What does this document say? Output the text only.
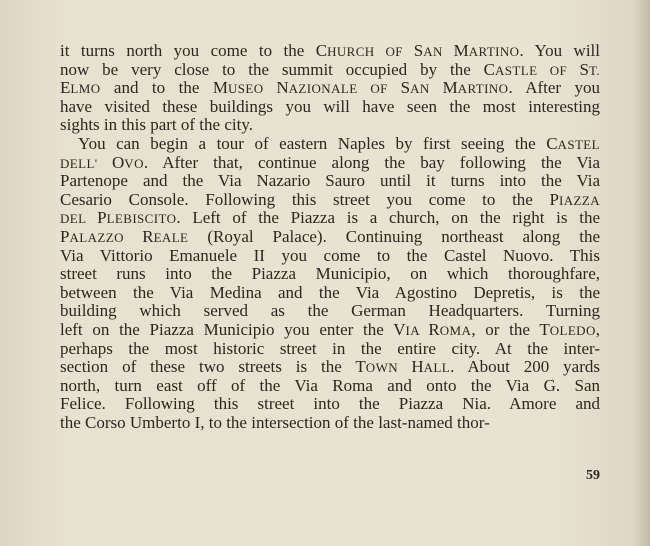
it turns north you come to the CHURCH OF SAN MARTINO. You will
now be very close to the summit occupied by the CASTLE OF ST.
ELMO and to the MUSEO NAZIONALE OF SAN MARTINO. After you
have visited these buildings you will have seen the most interesting
sights in this part of the city.
You can begin a tour of eastern Naples by first seeing the CASTEL
DELL' OVO. After that, continue along the bay following the Via
Partenope and the Via Nazario Sauro until it turns into the Via
Cesario Console. Following this street you come to the PIAZZA
DEL PLEBISCITO. Left of the Piazza is a church, on the right is the
PALAZZO REALE (Royal Palace). Continuing northeast along the
Via Vittorio Emanuele II you come to the Castel Nuovo. This
street runs into the Piazza Municipio, on which thoroughfare,
between the Via Medina and the Via Agostino Depretis, is the
building which served as the German Headquarters. Turning
left on the Piazza Municipio you enter the VIA ROMA, or the TOLEDO,
perhaps the most historic street in the entire city. At the inter-
section of these two streets is the TOWN HALL. About 200 yards
north, turn east off of the Via Roma and onto the Via G. San
Felice. Following this street into the Piazza Nia. Amore and
the Corso Umberto I, to the intersection of the last-named thor-
59
